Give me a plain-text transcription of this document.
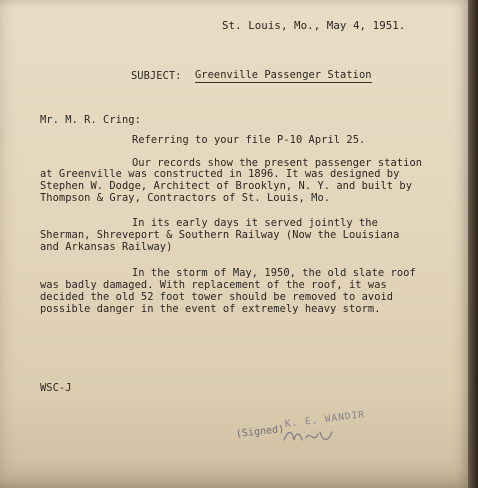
St. Louis, Mo., May 4, 1951.
SUBJECT: Greenville Passenger Station
Mr. M. R. Cring:
Referring to your file P-10 April 25.
Our records show the present passenger station
at Greenville was constructed in 1896. It was designed by
Stephen W. Dodge, Architect of Brooklyn, N. Y. and built by
Thompson & Gray, Contractors of St. Louis, Mo.
In its early days it served jointly the
Sherman, Shreveport & Southern Railway (Now the Louisiana
and Arkansas Railway)
In the storm of May, 1950, the old slate roof
was badly damaged. With replacement of the roof, it was
decided the old 52 foot tower should be removed to avoid
possible danger in the event of extremely heavy storm.
WSC-J
(Signed)
K. E. WANDIR
